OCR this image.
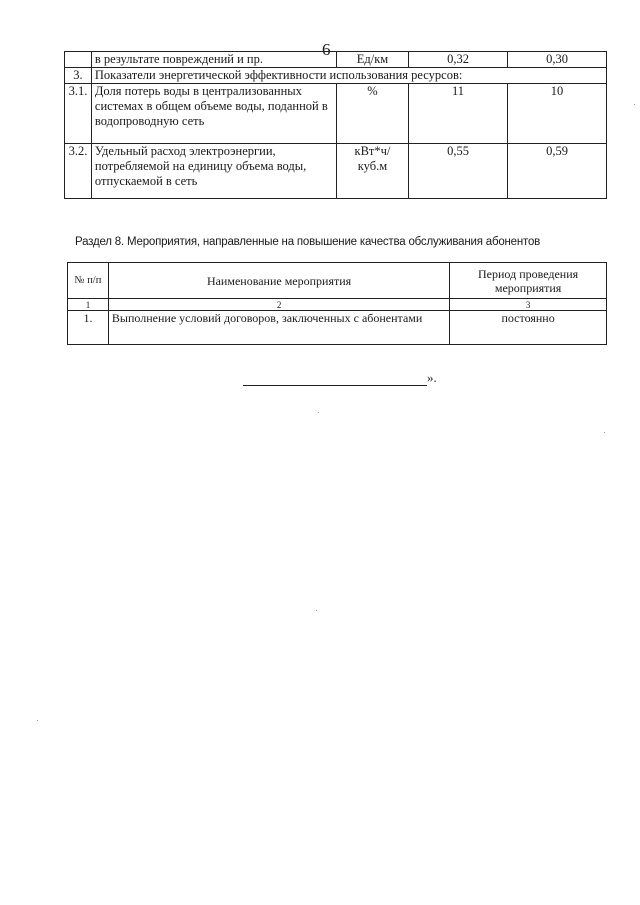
6
	в результате повреждений и пр.	Ед/км	0,32	0,30
3.	Показатели энергетической эффективности использования ресурсов:			
3.1.	Доля потерь воды в централизованных системах в общем объеме воды, поданной в водопроводную сеть	%	11	10
3.2.	Удельный расход электроэнергии, потребляемой на единицу объема воды, отпускаемой в сеть	кВт*ч/куб.м	0,55	0,59
Раздел 8. Мероприятия, направленные на повышение качества обслуживания абонентов
№ п/п	Наименование мероприятия	Период проведения мероприятия
1	2	3
1.	Выполнение условий договоров, заключенных с абонентами	постоянно
».
